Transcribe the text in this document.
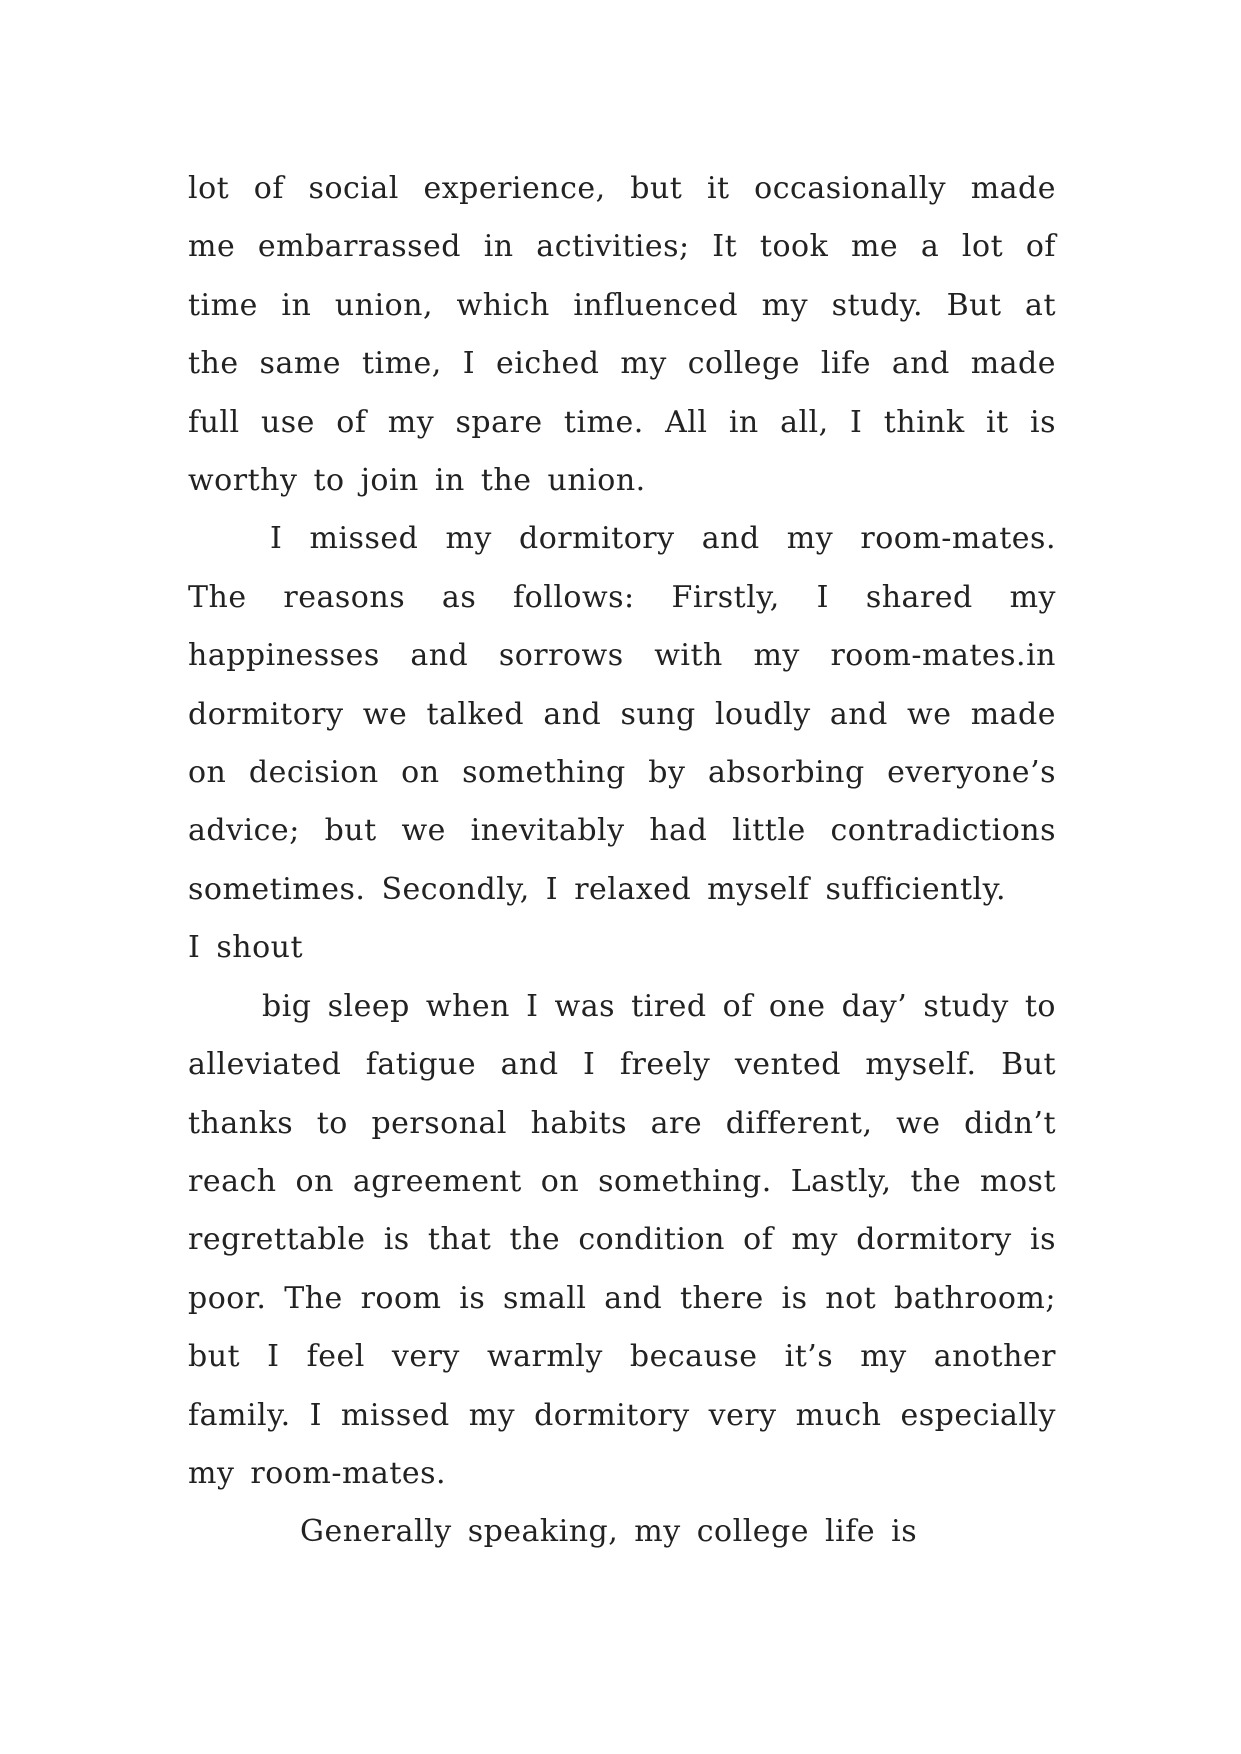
lot of social experience, but it occasionally made me embarrassed in activities; It took me a lot of time in union, which influenced my study. But at the same time, I eiched my college life and made full use of my spare time. All in all, I think it is worthy to join in the union.

I missed my dormitory and my room-mates. The reasons as follows: Firstly, I shared my happinesses and sorrows with my room-mates.in dormitory we talked and sung loudly and we made on decision on something by absorbing everyone’s advice; but we inevitably had little contradictions sometimes. Secondly, I relaxed myself sufficiently.

I shout

big sleep when I was tired of one day’ study to alleviated fatigue and I freely vented myself. But thanks to personal habits are different, we didn’t reach on agreement on something. Lastly, the most regrettable is that the condition of my dormitory is poor. The room is small and there is not bathroom; but I feel very warmly because it’s my another family. I missed my dormitory very much especially my room-mates.

Generally speaking, my college life is
